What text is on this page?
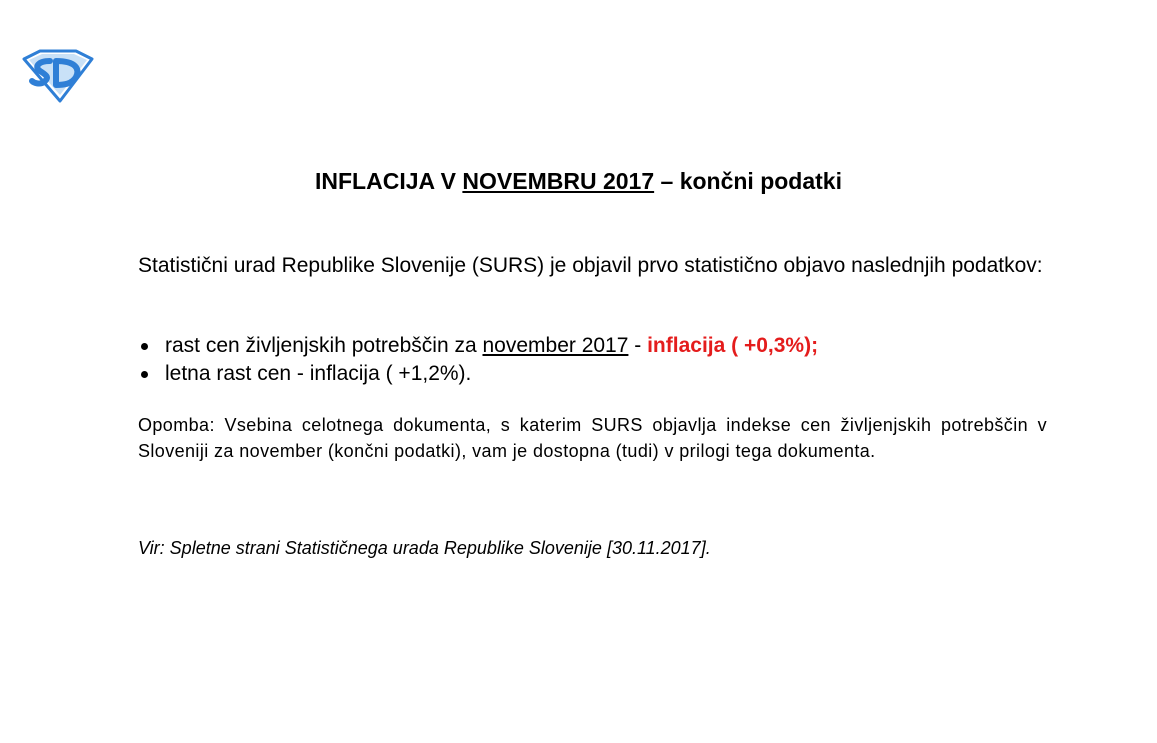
INFLACIJA V NOVEMBRU 2017 – končni podatki
Statistični urad Republike Slovenije (SURS) je objavil prvo statistično objavo naslednjih podatkov:
rast cen življenjskih potrebščin za november 2017 - inflacija ( +0,3%);
letna rast cen - inflacija ( +1,2%).
Opomba: Vsebina celotnega dokumenta, s katerim SURS objavlja indekse cen življenjskih potrebščin v Sloveniji za november (končni podatki), vam je dostopna (tudi) v prilogi tega dokumenta.
Vir: Spletne strani Statističnega urada Republike Slovenije [30.11.2017].
